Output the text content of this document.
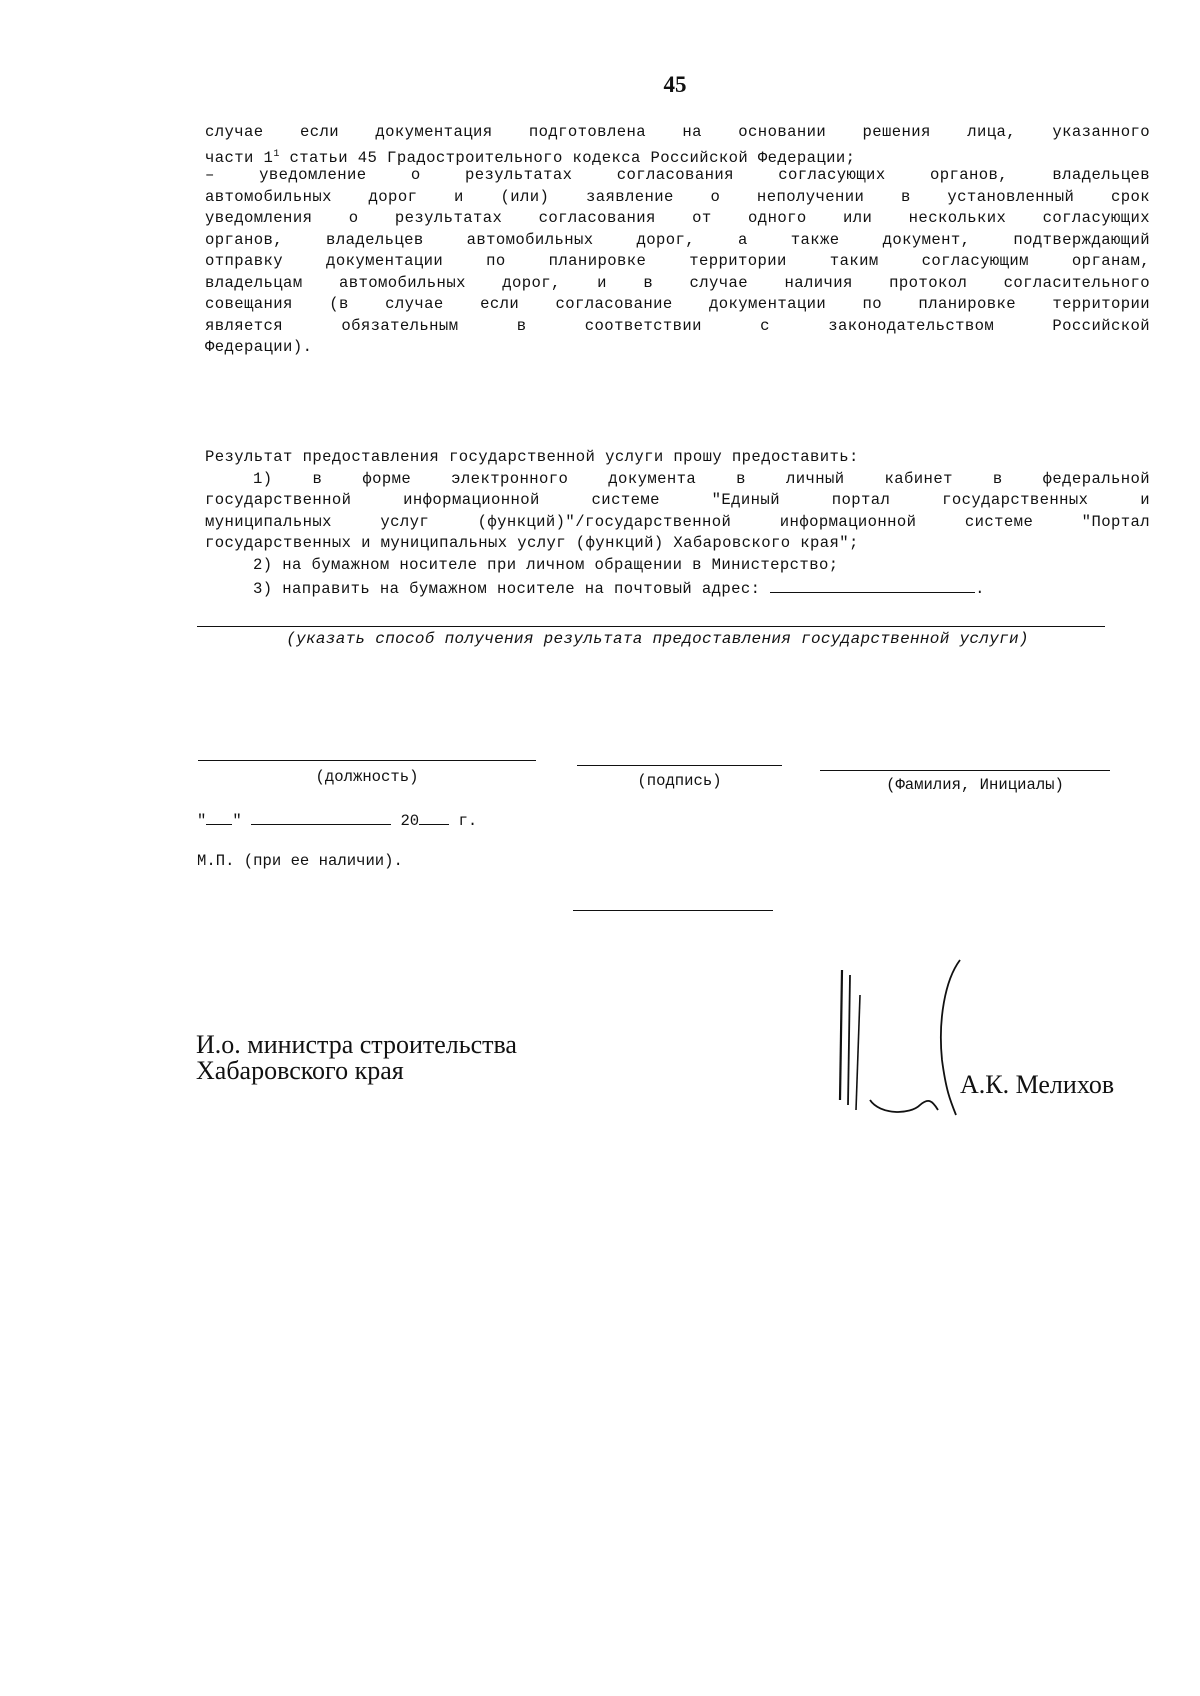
45
случае если документация подготовлена на основании решения лица, указанного
части $1^1$ статьи 45 Градостроительного кодекса Российской Федерации;
– уведомление о результатах согласования согласующих органов, владельцев
автомобильных дорог и (или) заявление о неполучении в установленный срок
уведомления о результатах согласования от одного или нескольких согласующих
органов, владельцев автомобильных дорог, а также документ, подтверждающий
отправку документации по планировке территории таким согласующим органам,
владельцам автомобильных дорог, и в случае наличия протокол согласительного
совещания (в случае если согласование документации по планировке территории
является обязательным в соответствии с законодательством Российской
Федерации).
Результат предоставления государственной услуги прошу предоставить:
1) в форме электронного документа в личный кабинет в федеральной
государственной информационной системе "Единый портал государственных и
муниципальных услуг (функций)"/государственной информационной системе "Портал
государственных и муниципальных услуг (функций) Хабаровского края";
2) на бумажном носителе при личном обращении в Министерство;
3) направить на бумажном носителе на почтовый адрес:	.
(указать способ получения результата предоставления государственной услуги)
(должность)	(подпись)	(Фамилия, Инициалы)
" "	20	г.
М.П. (при ее наличии).
И.о. министра строительства
Хабаровского края	А.К. Мелихов
